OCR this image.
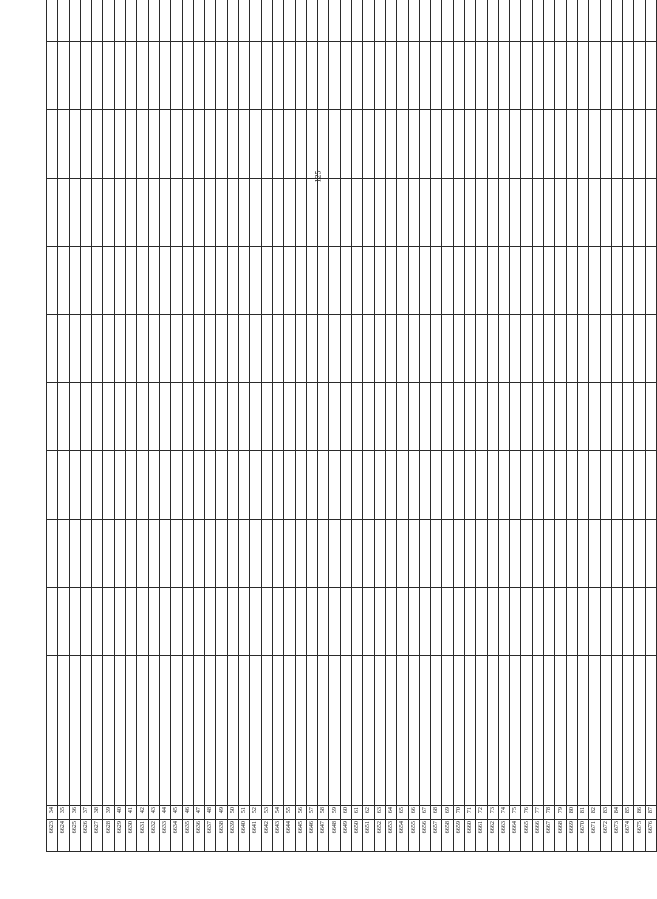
125
6623	34											
6624	35											
6625	36											
6626	37											
6627	38											
6628	39											
6629	40											
6630	41											
6631	42											
6632	43											
6633	44											
6634	45											
6635	46											
6636	47											
6637	48											
6638	49											
6639	50											
6640	51											
6641	52											
6642	53											
6643	54											
6644	55											
6645	56											
6646	57											
6647	58											
6648	59											
6649	60											
6650	61											
6651	62											
6652	63											
6653	64											
6654	65											
6655	66											
6656	67											
6657	68											
6658	69											
6659	70											
6660	71											
6661	72											
6662	73											
6663	74											
6664	75											
6665	76											
6666	77											
6667	78											
6668	79											
6669	80											
6670	81											
6671	82											
6672	83											
6673	84											
6674	85											
6675	86											
6676	87											
